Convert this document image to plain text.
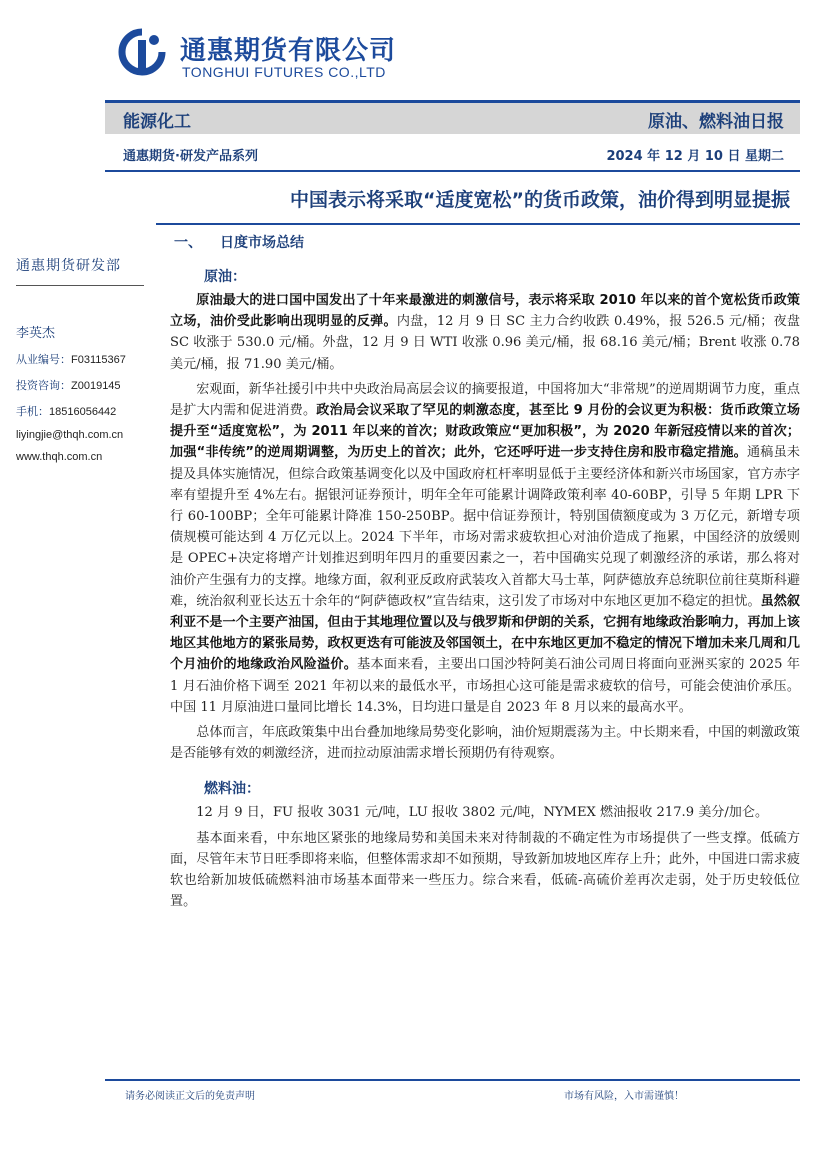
通惠期货有限公司
TONGHUI FUTURES CO.,LTD
能源化工	原油、燃料油日报
通惠期货·研发产品系列	2024 年 12 月 10 日 星期二
中国表示将采取“适度宽松”的货币政策，油价得到明显提振
通惠期货研发部
李英杰
从业编号：F03115367
投资咨询：Z0019145
手机：18516056442
liyingjie@thqh.com.cn
www.thqh.com.cn
一、 日度市场总结
原油：

原油最大的进口国中国发出了十年来最激进的刺激信号，表示将采取 2010 年以来的首个宽松货币政策立场，油价受此影响出现明显的反弹。内盘，12 月 9 日 SC 主力合约收跌 0.49%，报 526.5 元/桶；夜盘 SC 收涨于 530.0 元/桶。外盘，12 月 9 日 WTI 收涨 0.96 美元/桶，报 68.16 美元/桶；Brent 收涨 0.78 美元/桶，报 71.90 美元/桶。

宏观面，新华社援引中共中央政治局高层会议的摘要报道，中国将加大“非常规”的逆周期调节力度，重点是扩大内需和促进消费。政治局会议采取了罕见的刺激态度，甚至比 9 月份的会议更为积极：货币政策立场提升至“适度宽松”，为 2011 年以来的首次；财政政策应“更加积极”，为 2020 年新冠疫情以来的首次；加强“非传统”的逆周期调整，为历史上的首次；此外，它还呼吁进一步支持住房和股市稳定措施。通稿虽未提及具体实施情况，但综合政策基调变化以及中国政府杠杆率明显低于主要经济体和新兴市场国家，官方赤字率有望提升至 4%左右。据银河证券预计，明年全年可能累计调降政策利率 40-60BP，引导 5 年期 LPR 下行 60-100BP；全年可能累计降准 150-250BP。据中信证券预计，特别国债额度或为 3 万亿元，新增专项债规模可能达到 4 万亿元以上。2024 下半年，市场对需求疲软担心对油价造成了拖累，中国经济的放缓则是 OPEC+决定将增产计划推迟到明年四月的重要因素之一，若中国确实兑现了刺激经济的承诺，那么将对油价产生强有力的支撑。地缘方面，叙利亚反政府武装攻入首都大马士革，阿萨德放弃总统职位前往莫斯科避难，统治叙利亚长达五十余年的“阿萨德政权”宣告结束，这引发了市场对中东地区更加不稳定的担忧。虽然叙利亚不是一个主要产油国，但由于其地理位置以及与俄罗斯和伊朗的关系，它拥有地缘政治影响力，再加上该地区其他地方的紧张局势，政权更迭有可能波及邻国领土，在中东地区更加不稳定的情况下增加未来几周和几个月油价的地缘政治风险溢价。基本面来看，主要出口国沙特阿美石油公司周日将面向亚洲买家的 2025 年 1 月石油价格下调至 2021 年初以来的最低水平，市场担心这可能是需求疲软的信号，可能会使油价承压。中国 11 月原油进口量同比增长 14.3%，日均进口量是自 2023 年 8 月以来的最高水平。

总体而言，年底政策集中出台叠加地缘局势变化影响，油价短期震荡为主。中长期来看，中国的刺激政策是否能够有效的刺激经济，进而拉动原油需求增长预期仍有待观察。

燃料油：

12 月 9 日，FU 报收 3031 元/吨，LU 报收 3802 元/吨，NYMEX 燃油报收 217.9 美分/加仑。

基本面来看，中东地区紧张的地缘局势和美国未来对待制裁的不确定性为市场提供了一些支撑。低硫方面，尽管年末节日旺季即将来临，但整体需求却不如预期，导致新加坡地区库存上升；此外，中国进口需求疲软也给新加坡低硫燃料油市场基本面带来一些压力。综合来看，低硫-高硫价差再次走弱，处于历史较低位置。

请务必阅读正文后的免责声明	市场有风险，入市需谨慎！
